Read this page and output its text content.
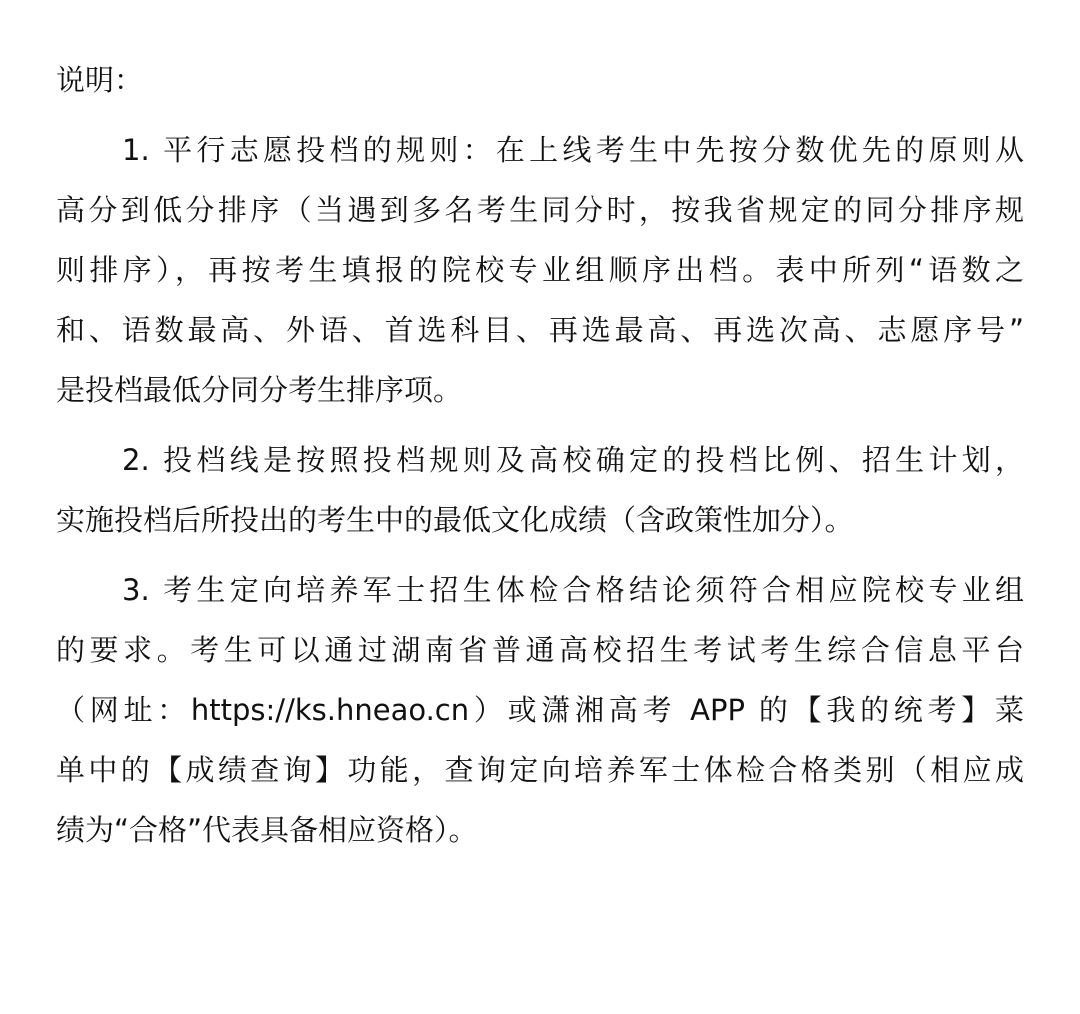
说明：
1. 平行志愿投档的规则：在上线考生中先按分数优先的原则从
高分到低分排序（当遇到多名考生同分时，按我省规定的同分排序规
则排序），再按考生填报的院校专业组顺序出档。表中所列“语数之
和、语数最高、外语、首选科目、再选最高、再选次高、志愿序号”
是投档最低分同分考生排序项。
2. 投档线是按照投档规则及高校确定的投档比例、招生计划，
实施投档后所投出的考生中的最低文化成绩（含政策性加分）。
3. 考生定向培养军士招生体检合格结论须符合相应院校专业组
的要求。考生可以通过湖南省普通高校招生考试考生综合信息平台
（网址：https://ks.hneao.cn）或潇湘高考 APP 的【我的统考】菜
单中的【成绩查询】功能，查询定向培养军士体检合格类别（相应成
绩为“合格”代表具备相应资格）。
